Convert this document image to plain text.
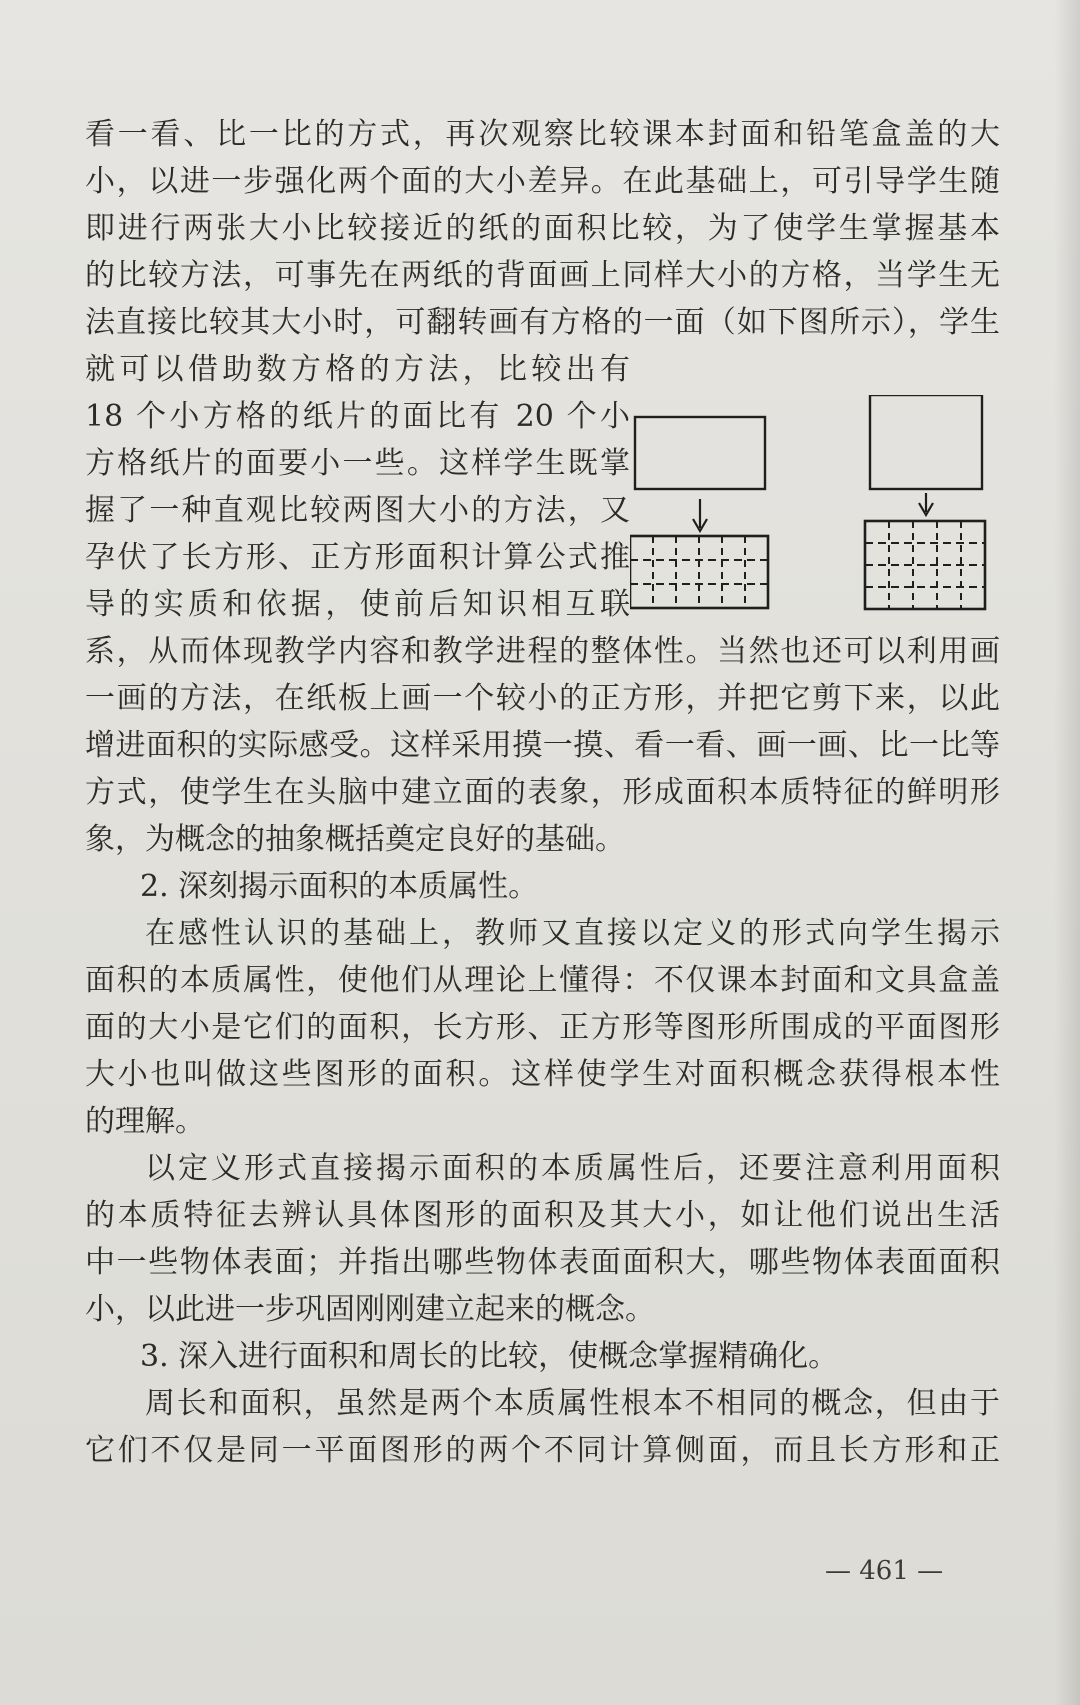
看一看、比一比的方式，再次观察比较课本封面和铅笔盒盖的大
小，以进一步强化两个面的大小差异。在此基础上，可引导学生随
即进行两张大小比较接近的纸的面积比较，为了使学生掌握基本
的比较方法，可事先在两纸的背面画上同样大小的方格，当学生无
法直接比较其大小时，可翻转画有方格的一面（如下图所示），学生
就可以借助数方格的方法，比较出有
18 个小方格的纸片的面比有 20 个小
方格纸片的面要小一些。这样学生既掌
握了一种直观比较两图大小的方法，又
孕伏了长方形、正方形面积计算公式推
导的实质和依据，使前后知识相互联
系，从而体现教学内容和教学进程的整体性。当然也还可以利用画
一画的方法，在纸板上画一个较小的正方形，并把它剪下来，以此
增进面积的实际感受。这样采用摸一摸、看一看、画一画、比一比等
方式，使学生在头脑中建立面的表象，形成面积本质特征的鲜明形
象，为概念的抽象概括奠定良好的基础。
2. 深刻揭示面积的本质属性。
在感性认识的基础上，教师又直接以定义的形式向学生揭示
面积的本质属性，使他们从理论上懂得：不仅课本封面和文具盒盖
面的大小是它们的面积，长方形、正方形等图形所围成的平面图形
大小也叫做这些图形的面积。这样使学生对面积概念获得根本性
的理解。
以定义形式直接揭示面积的本质属性后，还要注意利用面积
的本质特征去辨认具体图形的面积及其大小，如让他们说出生活
中一些物体表面；并指出哪些物体表面面积大，哪些物体表面面积
小，以此进一步巩固刚刚建立起来的概念。
3. 深入进行面积和周长的比较，使概念掌握精确化。
周长和面积，虽然是两个本质属性根本不相同的概念，但由于
它们不仅是同一平面图形的两个不同计算侧面，而且长方形和正
— 461 —
